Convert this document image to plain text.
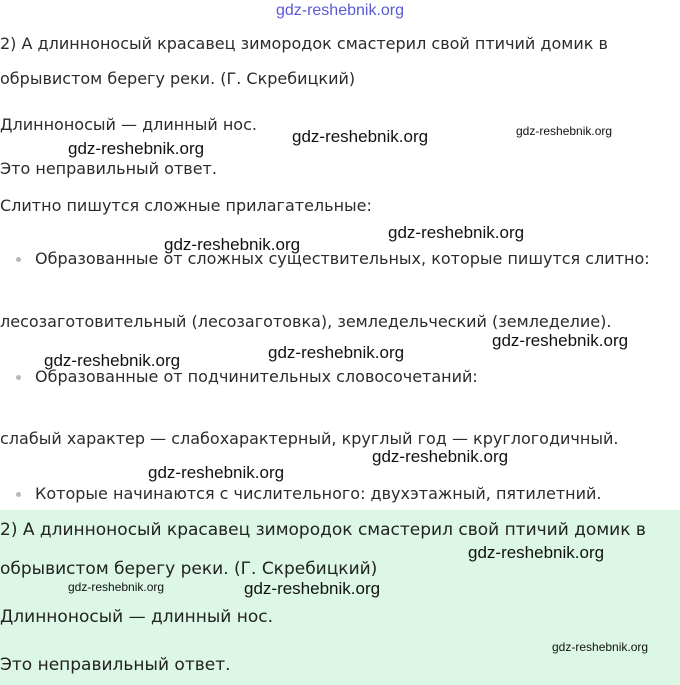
gdz-reshebnik.org
2) А длинноносый красавец зимородок смастерил свой птичий домик в
обрывистом берегу реки. (Г. Скребицкий)
Длинноносый — длинный нос.
Это неправильный ответ.
Слитно пишутся сложные прилагательные:
Образованные от сложных существительных, которые пишутся слитно:
лесозаготовительный (лесозаготовка), земледельческий (земледелие).
Образованные от подчинительных словосочетаний:
слабый характер — слабохарактерный, круглый год — круглогодичный.
Которые начинаются с числительного: двухэтажный, пятилетний.
2) А длинноносый красавец зимородок смастерил свой птичий домик в
обрывистом берегу реки. (Г. Скребицкий)
Длинноносый — длинный нос.
Это неправильный ответ.
gdz-reshebnik.org	gdz-reshebnik.org
gdz-reshebnik.org
gdz-reshebnik.org
gdz-reshebnik.org
gdz-reshebnik.org
gdz-reshebnik.org
gdz-reshebnik.org
gdz-reshebnik.org
gdz-reshebnik.org
gdz-reshebnik.org
gdz-reshebnik.org
gdz-reshebnik.org
gdz-reshebnik.org
